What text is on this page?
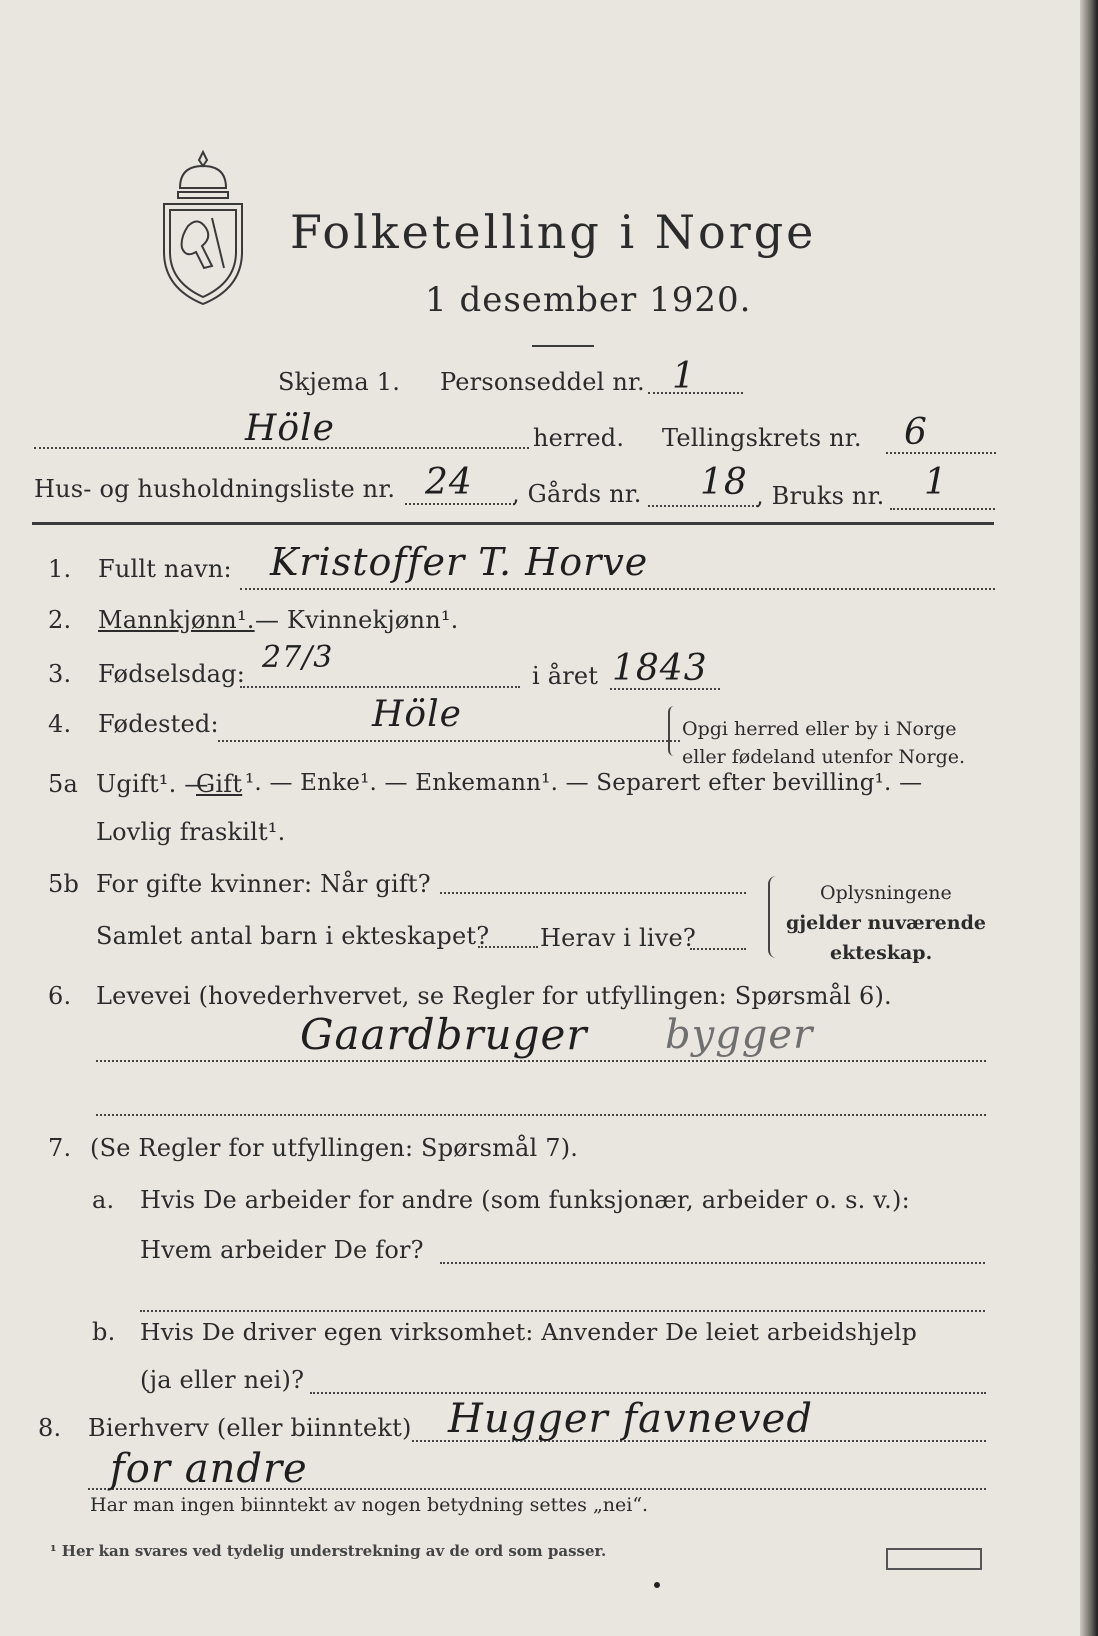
Folketelling i Norge
1 desember 1920.
Skjema 1. Personseddel nr. 1
Höle	herred. Tellingskrets nr. 6
Hus- og husholdningsliste nr. 24 , Gårds nr. 18 , Bruks nr. 1
1. Fullt navn: Kristoffer T. Horve
2. Mannkjønn¹. — Kvinnekjønn¹.
3. Fødselsdag: 27/3
i året 1843
4. Fødested:	Höle	Opgi herred eller by i Norge
eller fødeland utenfor Norge.
5a Ugift¹. —
Gift ¹. — Enke¹. — Enkemann¹. — Separert efter bevilling¹. —
Lovlig fraskilt¹.
5b For gifte kvinner: Når gift?
Samlet antal barn i ekteskapet? Herav i live?
Oplysningene
gjelder nuværende
ekteskap.
6. Levevei (hovederhvervet, se Regler for utfyllingen: Spørsmål 6).
Gaardbruger bygger
7. (Se Regler for utfyllingen: Spørsmål 7).
a. Hvis De arbeider for andre (som funksjonær, arbeider o. s. v.):
Hvem arbeider De for?
b. Hvis De driver egen virksomhet: Anvender De leiet arbeidshjelp
(ja eller nei)?
8. Bierhverv (eller biinntekt) Hugger favneved
for andre
Har man ingen biinntekt av nogen betydning settes „nei“.
¹ Her kan svares ved tydelig understrekning av de ord som passer.
